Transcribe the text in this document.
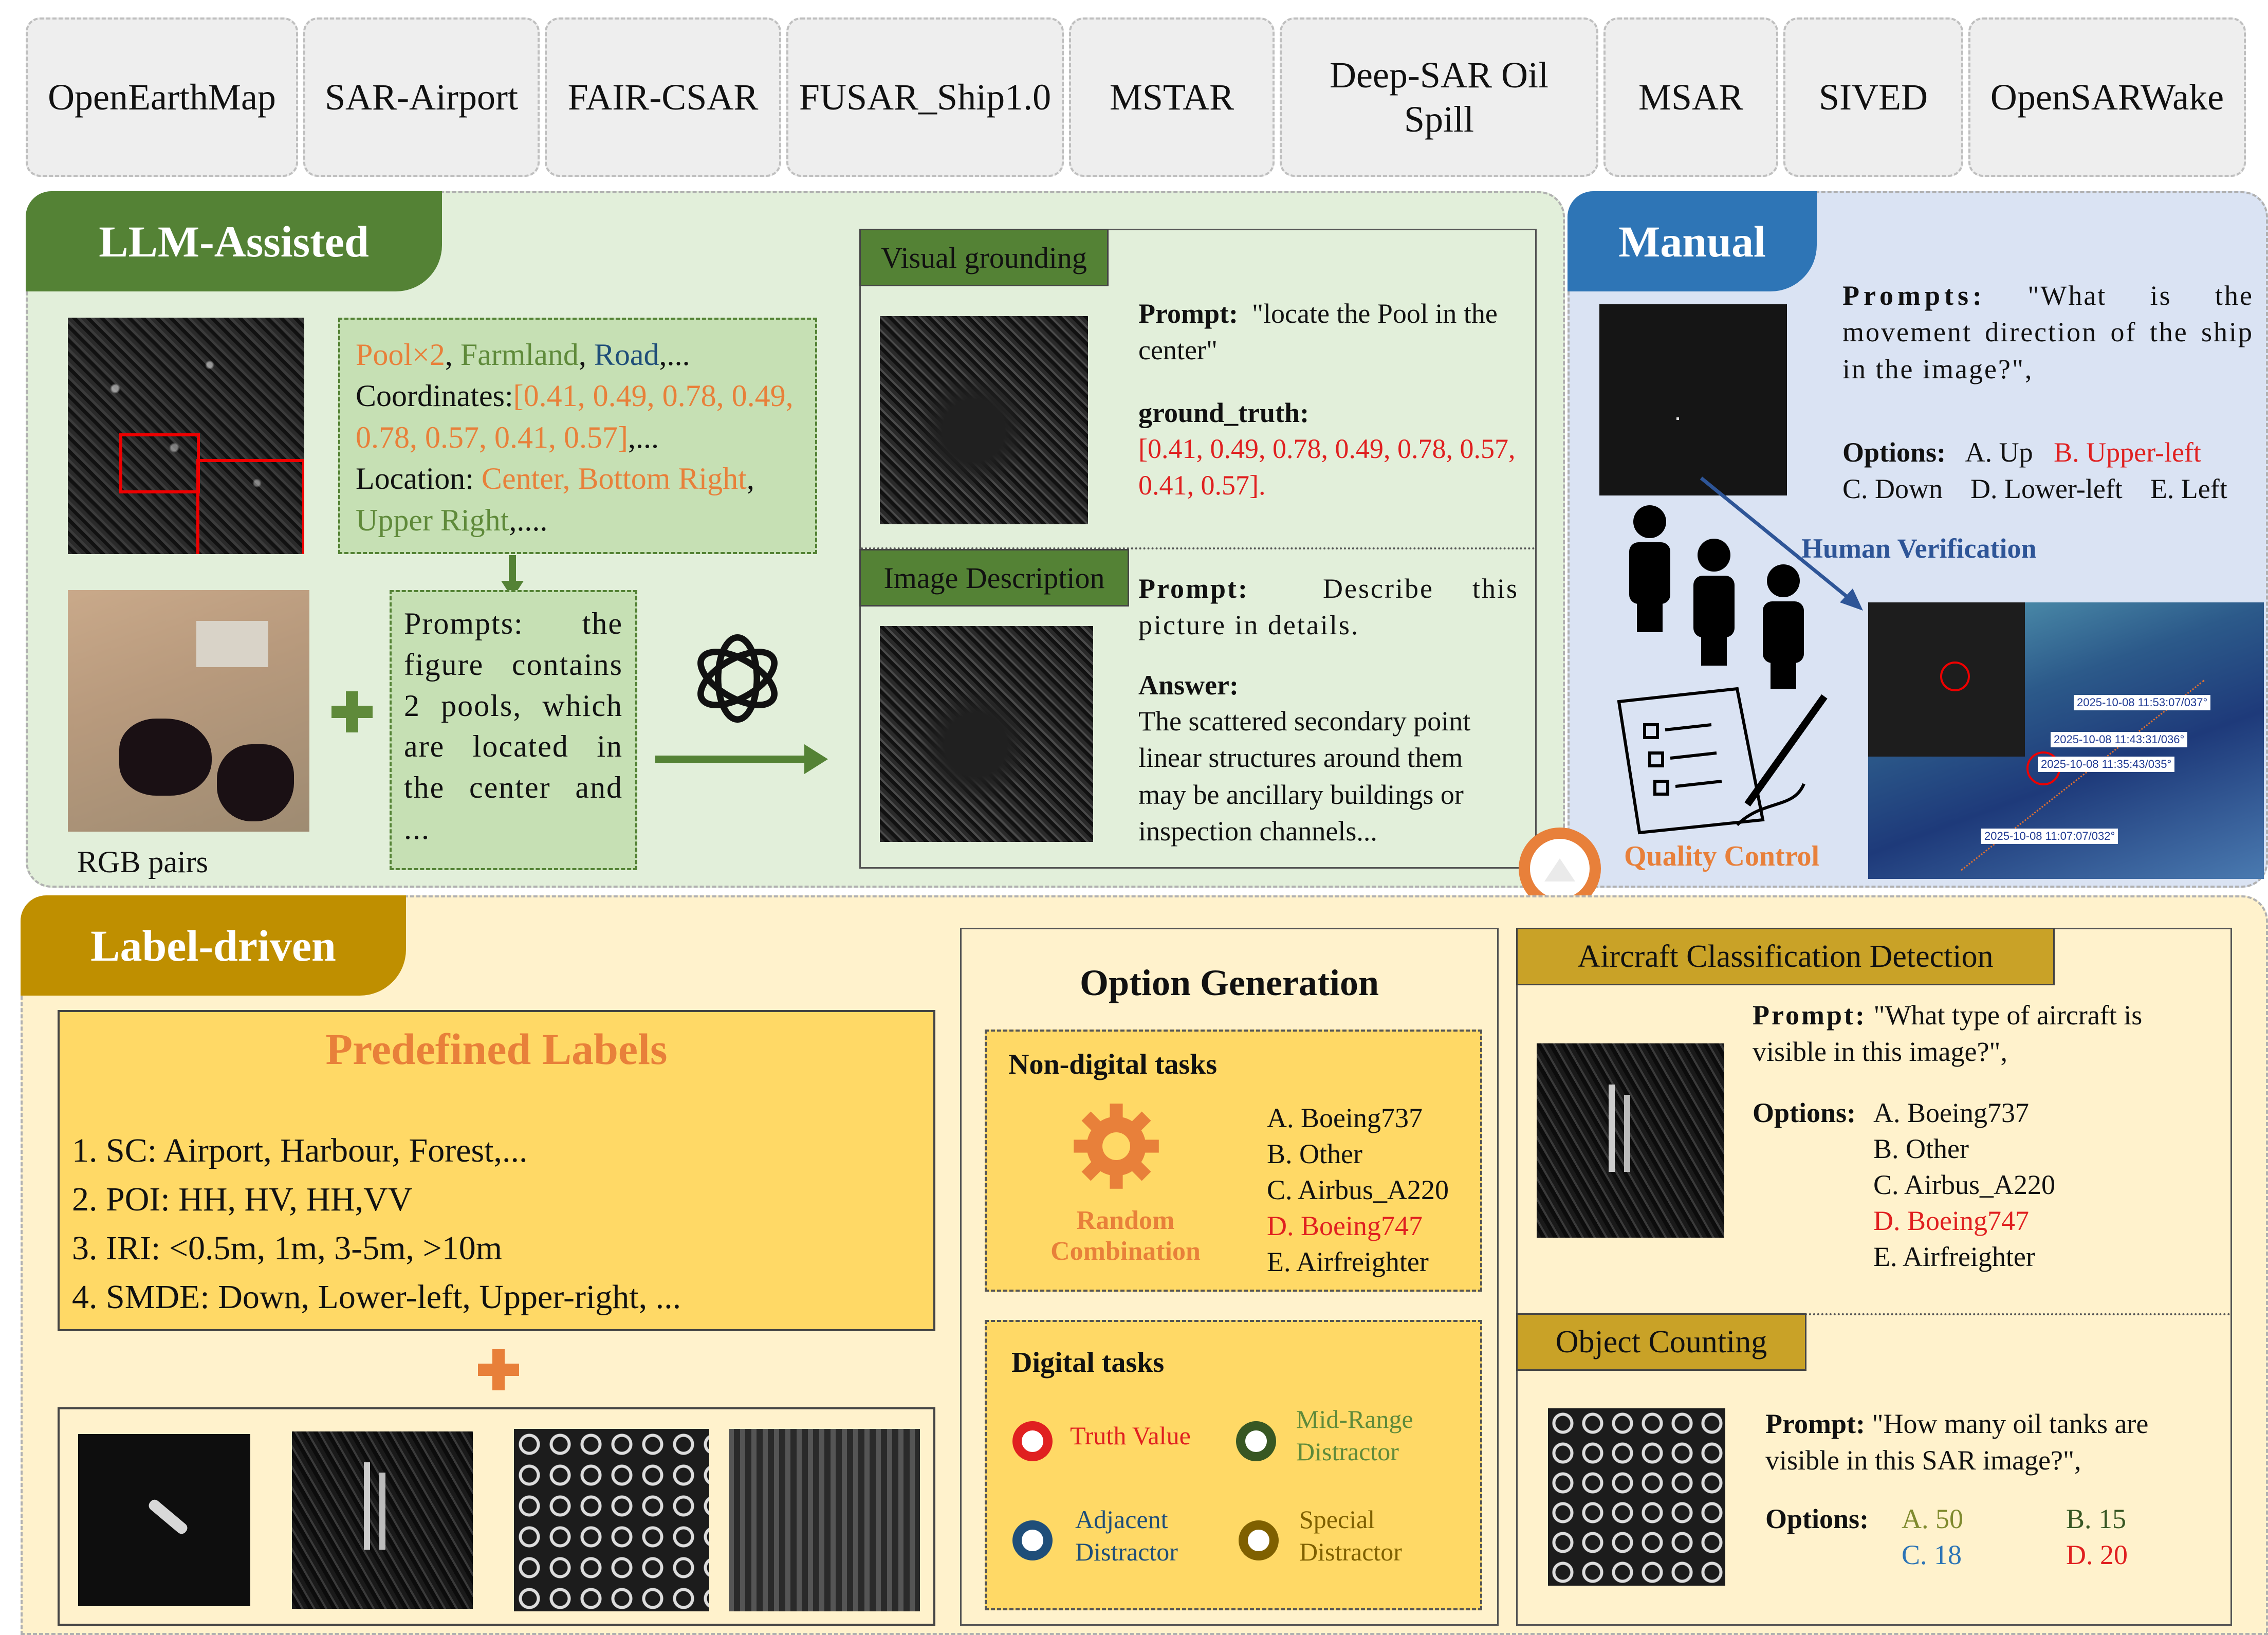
OpenEarthMap SAR-Airport FAIR-CSAR FUSAR_Ship1.0 MSTAR
Deep-SAR Oil Spill
MSAR SIVED OpenSARWake
LLM-Assisted
RGB pairs
Pool×2, Farmland, Road,...
Coordinates:[0.41, 0.49, 0.78, 0.49, 0.78, 0.57, 0.41, 0.57],...
Location: Center, Bottom Right, Upper Right,....
Prompts: the figure contains 2 pools, which are located in the center and ...
Visual grounding
Prompt: "locate the Pool in the center"
ground_truth:
[0.41, 0.49, 0.78, 0.49, 0.78, 0.57, 0.41, 0.57].
Image Description	Prompt:	Describe this picture in details.
Answer:
The scattered secondary point linear structures around them may be ancillary buildings or inspection channels...
Manual
Prompts: "What is the movement direction of the ship in the image?",
Options: A. Up B. Upper-left
C. Down D. Lower-left E. Left
Human Verification
2025-10-08 11:53:07/037°
2025-10-08 11:43:31/036°
2025-10-08 11:35:43/035°
2025-10-08 11:07:07/032°
Quality Control
Label-driven
Predefined Labels
1. SC: Airport, Harbour, Forest,...
2. POI: HH, HV, HH,VV
3. IRI: <0.5m, 1m, 3-5m, >10m
4. SMDE: Down, Lower-left, Upper-right, ...
Option Generation
Non-digital tasks
Random Combination
A. Boeing737
B. Other
C. Airbus_A220
D. Boeing747
E. Airfreighter
Digital tasks
Truth Value
Mid-Range Distractor
Adjacent Distractor
Special Distractor
Aircraft Classification Detection
Prompt: "What type of aircraft is visible in this image?",
Options: A. Boeing737
B. Other
C. Airbus_A220
D. Boeing747
E. Airfreighter
Object Counting
Prompt: "How many oil tanks are visible in this SAR image?",
Options: A. 50	B. 15
C. 18	D. 20
